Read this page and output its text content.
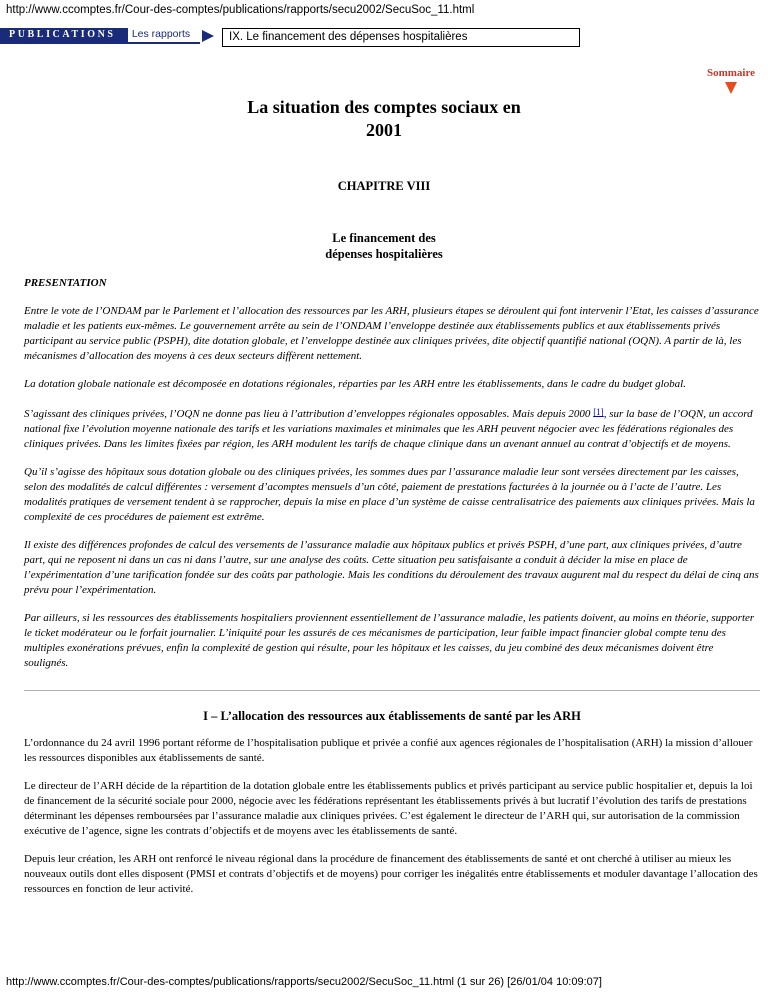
http://www.ccomptes.fr/Cour-des-comptes/publications/rapports/secu2002/SecuSoc_11.html
PUBLICATIONS	Les rapports	IX. Le financement des dépenses hospitalières
Sommaire
La situation des comptes sociaux en
2001
CHAPITRE VIII
Le financement des
dépenses hospitalières

PRESENTATION

Entre le vote de l’ONDAM par le Parlement et l’allocation des ressources par les ARH, plusieurs étapes se déroulent qui font intervenir l’Etat, les caisses d’assurance maladie et les patients eux-mêmes. Le gouvernement arrête au sein de l’ONDAM l’enveloppe destinée aux établissements publics et aux établissements privés participant au service public (PSPH), dite dotation globale, et l’enveloppe destinée aux cliniques privées, dite objectif quantifié national (OQN). A partir de là, les mécanismes d’allocation des moyens à ces deux secteurs diffèrent nettement.

La dotation globale nationale est décomposée en dotations régionales, réparties par les ARH entre les établissements, dans le cadre du budget global.

S’agissant des cliniques privées, l’OQN ne donne pas lieu à l’attribution d’enveloppes régionales opposables. Mais depuis 2000 [1], sur la base de l’OQN, un accord national fixe l’évolution moyenne nationale des tarifs et les variations maximales et minimales que les ARH peuvent négocier avec les fédérations régionales des cliniques privées. Dans les limites fixées par région, les ARH modulent les tarifs de chaque clinique dans un avenant annuel au contrat d’objectifs et de moyens.

Qu’il s’agisse des hôpitaux sous dotation globale ou des cliniques privées, les sommes dues par l’assurance maladie leur sont versées directement par les caisses, selon des modalités de calcul différentes : versement d’acomptes mensuels d’un côté, paiement de prestations facturées à la journée ou à l’acte de l’autre. Les modalités pratiques de versement tendent à se rapprocher, depuis la mise en place d’un système de caisse centralisatrice des paiements aux cliniques privées. Mais la complexité de ces procédures de paiement est extrême.

Il existe des différences profondes de calcul des versements de l’assurance maladie aux hôpitaux publics et privés PSPH, d’une part, aux cliniques privées, d’autre part, qui ne reposent ni dans un cas ni dans l’autre, sur une analyse des coûts. Cette situation peu satisfaisante a conduit à décider la mise en place de l’expérimentation d’une tarification fondée sur des coûts par pathologie. Mais les conditions du déroulement des travaux augurent mal du respect du délai de cinq ans prévu pour l’expérimentation.

Par ailleurs, si les ressources des établissements hospitaliers proviennent essentiellement de l’assurance maladie, les patients doivent, au moins en théorie, supporter le ticket modérateur ou le forfait journalier. L’iniquité pour les assurés de ces mécanismes de participation, leur faible impact financier global compte tenu des multiples exonérations prévues, enfin la complexité de gestion qui résulte, pour les hôpitaux et les caisses, du jeu combiné des deux mécanismes doivent être soulignés.

I – L’allocation des ressources aux établissements de santé par les ARH

L’ordonnance du 24 avril 1996 portant réforme de l’hospitalisation publique et privée a confié aux agences régionales de l’hospitalisation (ARH) la mission d’allouer les ressources disponibles aux établissements de santé.

Le directeur de l’ARH décide de la répartition de la dotation globale entre les établissements publics et privés participant au service public hospitalier et, depuis la loi de financement de la sécurité sociale pour 2000, négocie avec les fédérations représentant les établissements privés à but lucratif l’évolution des tarifs de prestations déterminant les dépenses remboursées par l’assurance maladie aux cliniques privées. C’est également le directeur de l’ARH qui, sur autorisation de la commission exécutive de l’agence, signe les contrats d’objectifs et de moyens avec les établissements de santé.

Depuis leur création, les ARH ont renforcé le niveau régional dans la procédure de financement des établissements de santé et ont cherché à utiliser au mieux les nouveaux outils dont elles disposent (PMSI et contrats d’objectifs et de moyens) pour corriger les inégalités entre établissements et moduler davantage l’allocation des ressources en fonction de leur activité.

http://www.ccomptes.fr/Cour-des-comptes/publications/rapports/secu2002/SecuSoc_11.html (1 sur 26) [26/01/04 10:09:07]
